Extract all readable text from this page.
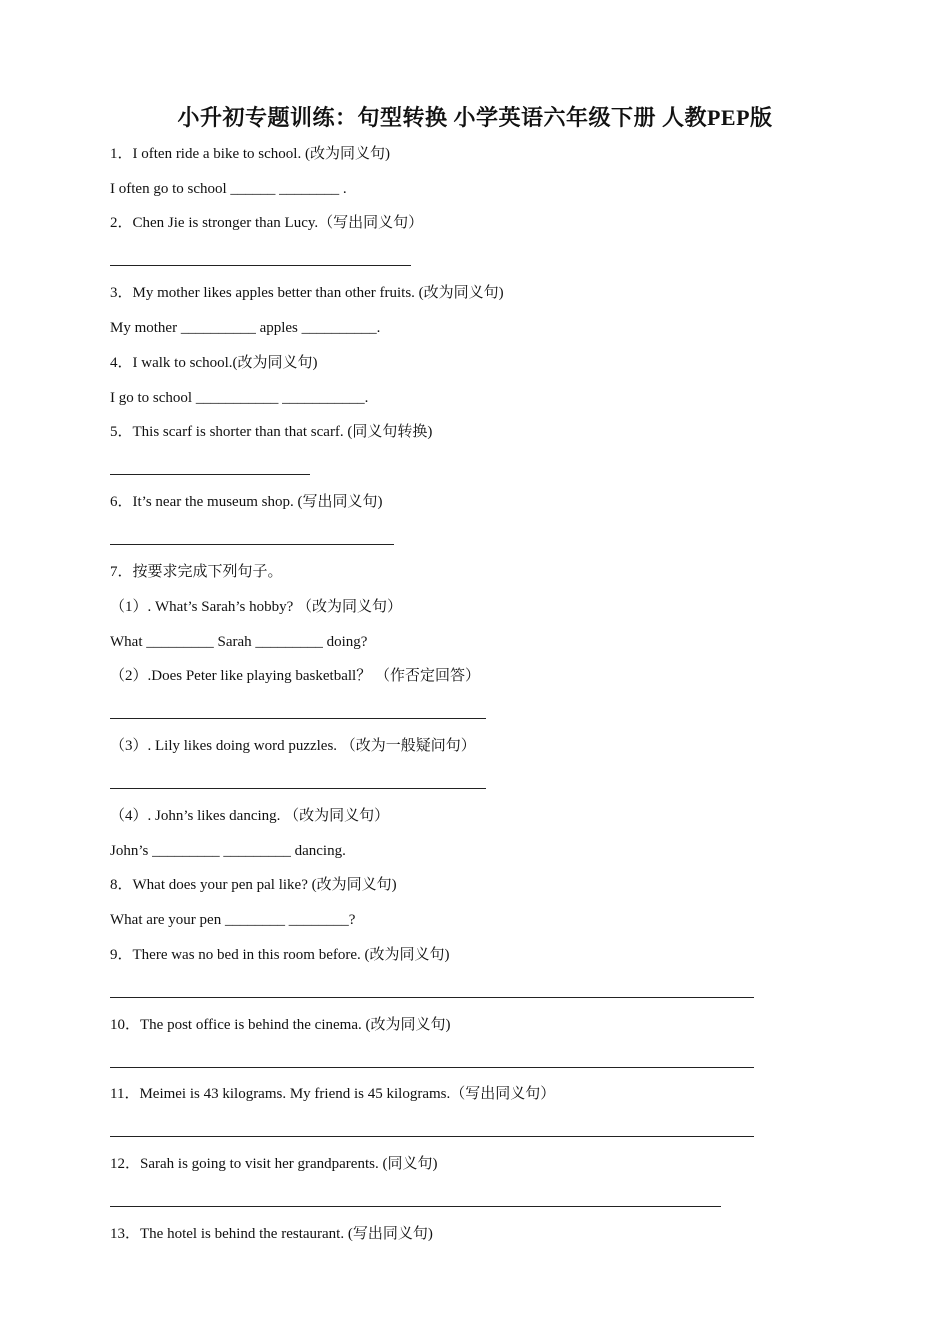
小升初专题训练：句型转换 小学英语六年级下册 人教PEP版
1．I often ride a bike to school. (改为同义句)
I often go to school ______ ________ .
2．Chen Jie is stronger than Lucy.（写出同义句）
3．My mother likes apples better than other fruits. (改为同义句)
My mother __________ apples __________.
4．I walk to school.(改为同义句)
I go to school ___________ ___________.
5．This scarf is shorter than that scarf. (同义句转换)
6．It’s near the museum shop. (写出同义句)
7．按要求完成下列句子。
（1）. What’s Sarah’s hobby? （改为同义句）
What _________ Sarah _________ doing?
（2）.Does Peter like playing basketball？ （作否定回答）
（3）. Lily likes doing word puzzles. （改为一般疑问句）
（4）. John’s likes dancing. （改为同义句）
John’s _________ _________ dancing.
8．What does your pen pal like? (改为同义句)
What are your pen ________ ________?
9．There was no bed in this room before. (改为同义句)
10．The post office is behind the cinema. (改为同义句)
11．Meimei is 43 kilograms. My friend is 45 kilograms.（写出同义句）
12．Sarah is going to visit her grandparents. (同义句)
13．The hotel is behind the restaurant. (写出同义句)
